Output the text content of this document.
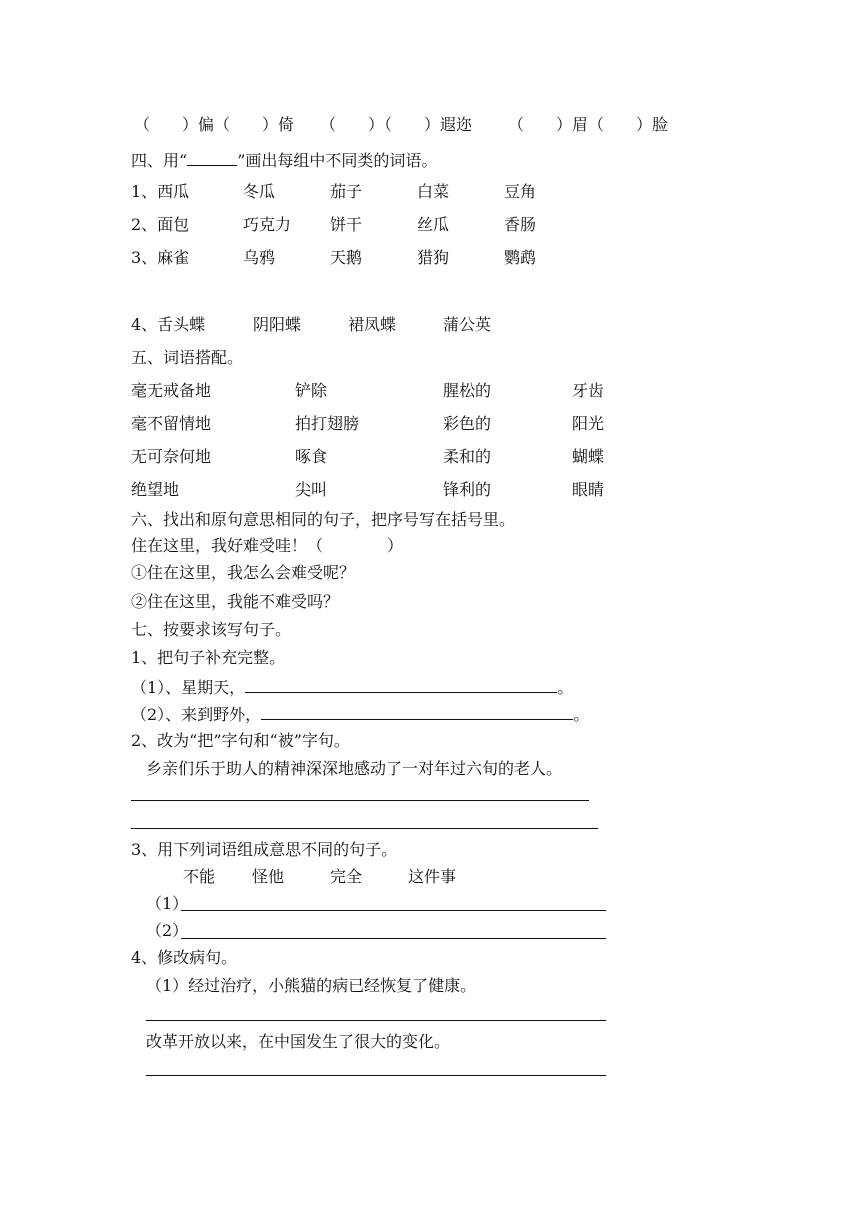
（　　）偏（　　）倚 （　　）（　　）遐迩 （　　）眉（　　）脸
四、用“	”画出每组中不同类的词语。
1、西瓜	冬瓜	茄子	白菜	豆角
2、面包	巧克力 饼干	丝瓜	香肠
3、麻雀	乌鸦	天鹅	猎狗	鹦鹉
4、舌头蝶	阴阳蝶	裙凤蝶	蒲公英
五、词语搭配。
毫无戒备地	铲除	腥松的	牙齿
毫不留情地	拍打翅膀	彩色的	阳光
无可奈何地	啄食	柔和的	蝴蝶
绝望地	尖叫	锋利的	眼睛
六、找出和原句意思相同的句子，把序号写在括号里。
住在这里，我好难受哇！（　　　　）
①住在这里，我怎么会难受呢？
②住在这里，我能不难受吗？
七、按要求该写句子。
1、把句子补充完整。
（1）、星期天，	。
（2）、来到野外，	。
2、改为“把”字句和“被”字句。
乡亲们乐于助人的精神深深地感动了一对年过六旬的老人。
3、用下列词语组成意思不同的句子。
不能 怪他	完全	这件事
（1）
（2）
4、修改病句。
（1）经过治疗，小熊猫的病已经恢复了健康。
改革开放以来，在中国发生了很大的变化。
